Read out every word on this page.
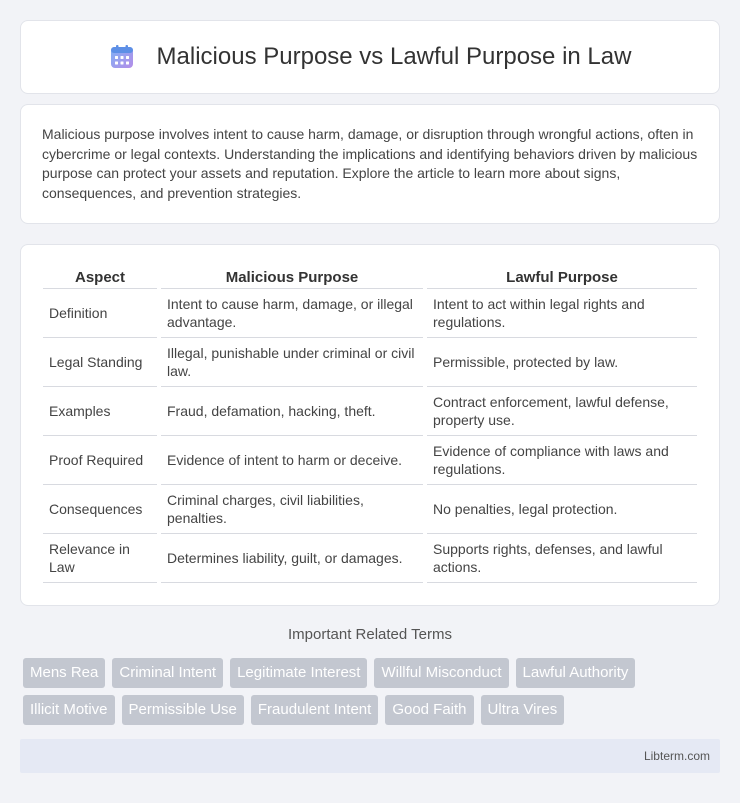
Malicious Purpose vs Lawful Purpose in Law

Malicious purpose involves intent to cause harm, damage, or disruption through wrongful actions, often in cybercrime or legal contexts. Understanding the implications and identifying behaviors driven by malicious purpose can protect your assets and reputation. Explore the article to learn more about signs, consequences, and prevention strategies.

Aspect	Malicious Purpose	Lawful Purpose
Definition	Intent to cause harm, damage, or illegal advantage.	Intent to act within legal rights and regulations.
Legal Standing	Illegal, punishable under criminal or civil law.	Permissible, protected by law.
Examples	Fraud, defamation, hacking, theft.	Contract enforcement, lawful defense, property use.
Proof Required	Evidence of intent to harm or deceive.	Evidence of compliance with laws and regulations.
Consequences	Criminal charges, civil liabilities, penalties.	No penalties, legal protection.
Relevance in Law	Determines liability, guilt, or damages.	Supports rights, defenses, and lawful actions.
Important Related Terms
Mens Rea	Criminal Intent	Legitimate Interest	Willful Misconduct	Lawful Authority
Illicit Motive	Permissible Use	Fraudulent Intent	Good Faith	Ultra Vires
Libterm.com
